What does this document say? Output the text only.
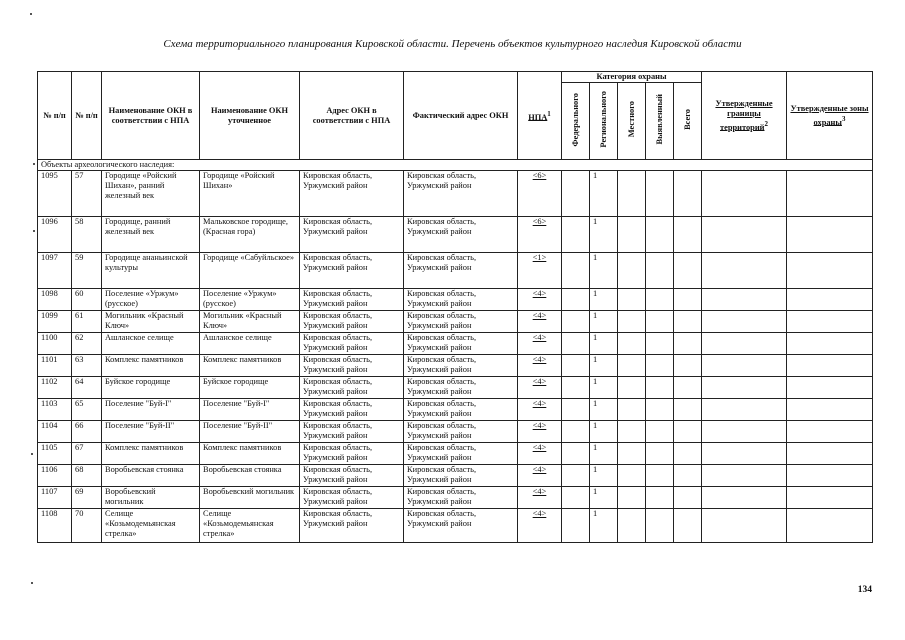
Схема территориального планирования Кировской области. Перечень объектов культурного наследия Кировской области
№ п/п	№ п/п	Наименование ОКН в соответствии с НПА	Наименование ОКН уточненное	Адрес ОКН в соответствии с НПА	Фактический адрес ОКН	НПА$^1$	Категория охраны					Утвержденные границы территорий$^2$	Утвержденные зоны охраны$^3$
							Федерального	Регионального	Местного	Выявленный	Всего		
Объекты археологического наследия:													
1095	57	Городище «Ройский Шихан», ранний железный век	Городище «Ройский Шихан»	Кировская область, Уржумский район	Кировская область, Уржумский район	<6>		1					
1096	58	Городище, ранний железный век	Мальковское городище, (Красная гора)	Кировская область, Уржумский район	Кировская область, Уржумский район	<6>		1					
1097	59	Городище ананьинской культуры	Городище «Сабуйльское»	Кировская область, Уржумский район	Кировская область, Уржумский район	<1>		1					
1098	60	Поселение «Уржум» (русское)	Поселение «Уржум» (русское)	Кировская область, Уржумский район	Кировская область, Уржумский район	<4>		1					
1099	61	Могильник «Красный Ключ»	Могильник «Красный Ключ»	Кировская область, Уржумский район	Кировская область, Уржумский район	<4>		1					
1100	62	Ашланское селище	Ашланское селище	Кировская область, Уржумский район	Кировская область, Уржумский район	<4>		1					
1101	63	Комплекс памятников	Комплекс памятников	Кировская область, Уржумский район	Кировская область, Уржумский район	<4>		1					
1102	64	Буйское городище	Буйское городище	Кировская область, Уржумский район	Кировская область, Уржумский район	<4>		1					
1103	65	Поселение "Буй-I"	Поселение "Буй-I"	Кировская область, Уржумский район	Кировская область, Уржумский район	<4>		1					
1104	66	Поселение "Буй-II"	Поселение "Буй-II"	Кировская область, Уржумский район	Кировская область, Уржумский район	<4>		1					
1105	67	Комплекс памятников	Комплекс памятников	Кировская область, Уржумский район	Кировская область, Уржумский район	<4>		1					
1106	68	Воробьевская стоянка	Воробьевская стоянка	Кировская область, Уржумский район	Кировская область, Уржумский район	<4>		1					
1107	69	Воробьевский могильник	Воробьевский могильник	Кировская область, Уржумский район	Кировская область, Уржумский район	<4>		1					
1108	70	Селище «Козьмодемьянская стрелка»	Селище «Козьмодемьянская стрелка»	Кировская область, Уржумский район	Кировская область, Уржумский район	<4>		1					
134
